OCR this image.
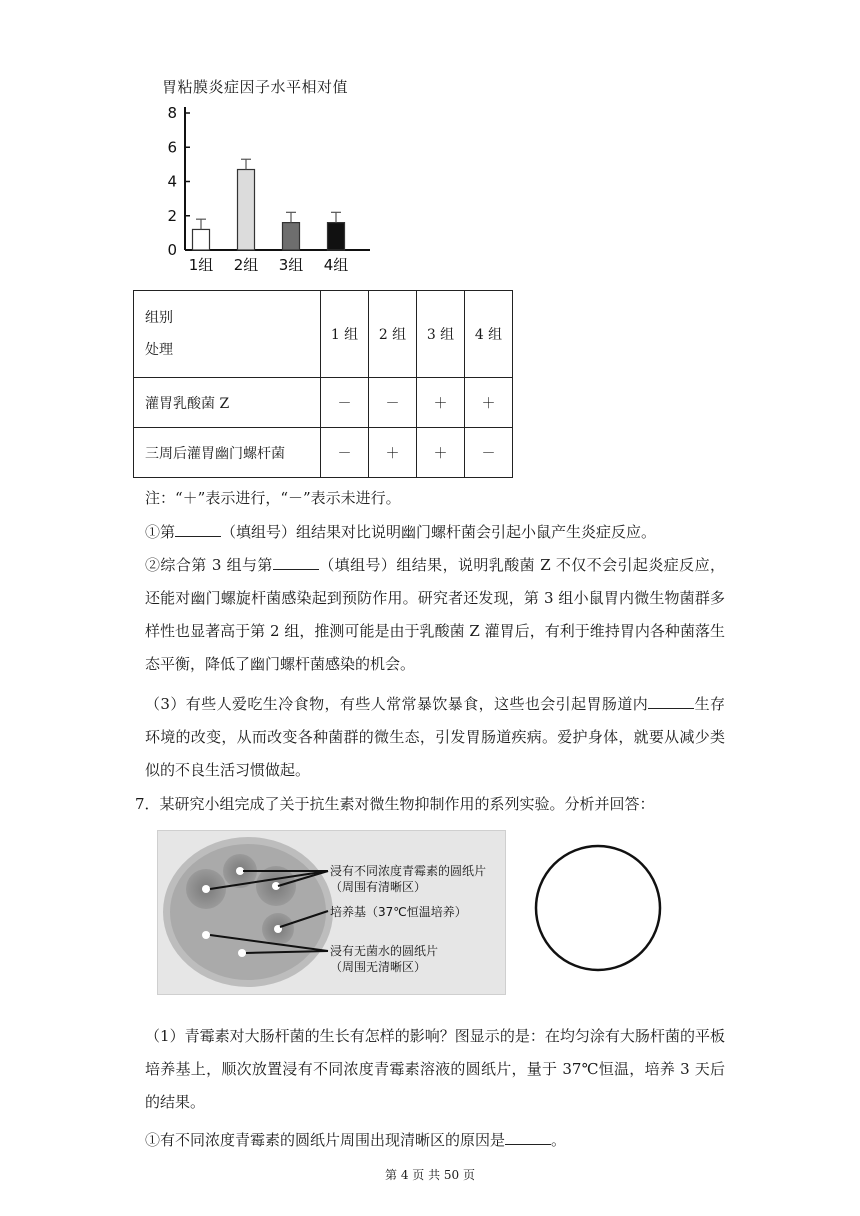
胃粘膜炎症因子水平相对值
0
2
4
6
8
1组 2组 3组 4组
组别
处理	1 组	2 组	3 组	4 组
灌胃乳酸菌 Z	－	－	＋	＋
三周后灌胃幽门螺杆菌	－	＋	＋	－
注：“＋”表示进行，“－”表示未进行。
①第	（填组号）组结果对比说明幽门螺杆菌会引起小鼠产生炎症反应。
②综合第 3 组与第	（填组号）组结果，说明乳酸菌 Z 不仅不会引起炎症反应，还能对幽门螺旋杆菌感染起到预防作用。研究者还发现，第 3 组小鼠胃内微生物菌群多样性也显著高于第 2 组，推测可能是由于乳酸菌 Z 灌胃后，有利于维持胃内各种菌落生态平衡，降低了幽门螺杆菌感染的机会。
（3）有些人爱吃生冷食物，有些人常常暴饮暴食，这些也会引起胃肠道内	生存环境的改变，从而改变各种菌群的微生态，引发胃肠道疾病。爱护身体，就要从减少类似的不良生活习惯做起。
7．某研究小组完成了关于抗生素对微生物抑制作用的系列实验。分析并回答：
浸有不同浓度青霉素的圆纸片
（周围有清晰区）
培养基（37℃恒温培养）
浸有无菌水的圆纸片
（周围无清晰区）
（1）青霉素对大肠杆菌的生长有怎样的影响？图显示的是：在均匀涂有大肠杆菌的平板培养基上，顺次放置浸有不同浓度青霉素溶液的圆纸片，量于 37℃恒温，培养 3 天后的结果。
①有不同浓度青霉素的圆纸片周围出现清晰区的原因是	。
第 4 页 共 50 页
